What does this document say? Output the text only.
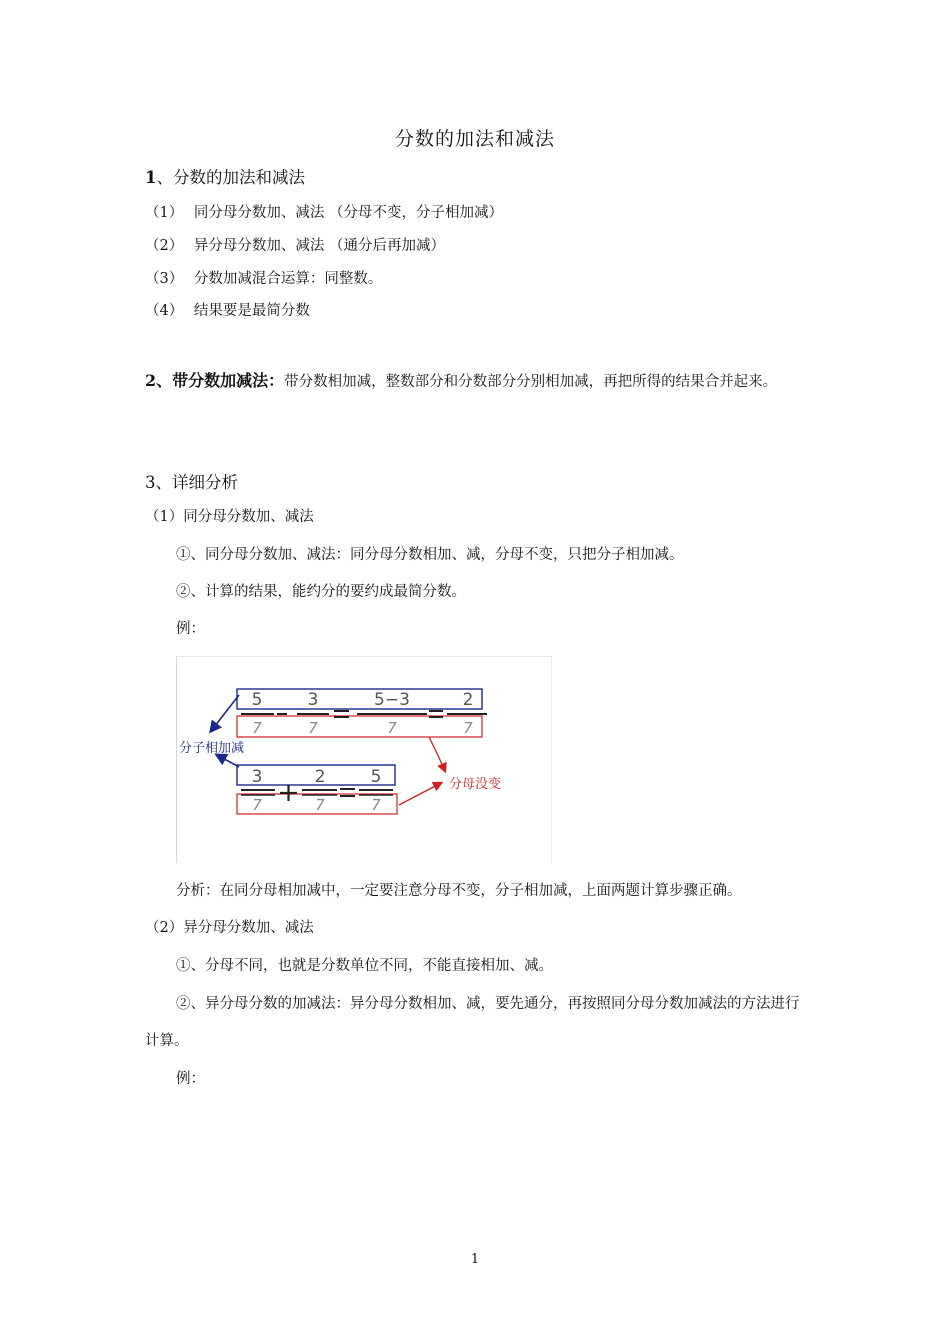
分数的加法和减法
1、分数的加法和减法
（1） 同分母分数加、减法 （分母不变，分子相加减）
（2） 异分母分数加、减法 （通分后再加减）
（3） 分数加减混合运算：同整数。
（4） 结果要是最简分数
2、带分数加减法：带分数相加减，整数部分和分数部分分别相加减，再把所得的结果合并起来。
3、详细分析
（1）同分母分数加、减法
①、同分母分数加、减法：同分母分数相加、减，分母不变，只把分子相加减。
②、计算的结果，能约分的要约成最简分数。
例：
5	3	5−3	2
7	7	7	7
分子相加减
3	2	5
7	7	7
分母没变
分析：在同分母相加减中，一定要注意分母不变，分子相加减，上面两题计算步骤正确。
（2）异分母分数加、减法
①、分母不同，也就是分数单位不同，不能直接相加、减。
②、异分母分数的加减法：异分母分数相加、减，要先通分，再按照同分母分数加减法的方法进行计算。
例：
1
